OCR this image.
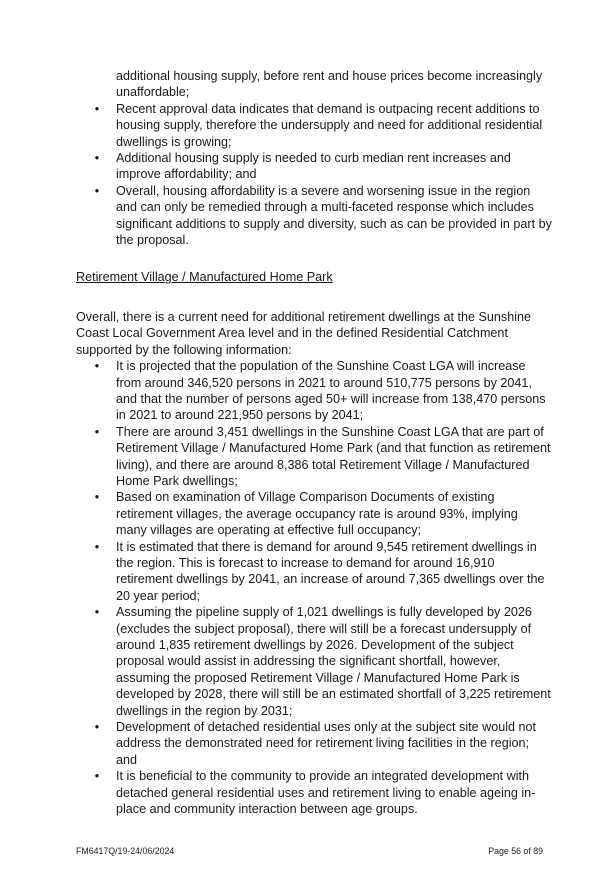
additional housing supply, before rent and house prices become increasingly unaffordable;

• Recent approval data indicates that demand is outpacing recent additions to housing supply, therefore the undersupply and need for additional residential dwellings is growing;
• Additional housing supply is needed to curb median rent increases and improve affordability; and
• Overall, housing affordability is a severe and worsening issue in the region and can only be remedied through a multi-faceted response which includes significant additions to supply and diversity, such as can be provided in part by the proposal.

Retirement Village / Manufactured Home Park

Overall, there is a current need for additional retirement dwellings at the Sunshine Coast Local Government Area level and in the defined Residential Catchment supported by the following information:

• It is projected that the population of the Sunshine Coast LGA will increase from around 346,520 persons in 2021 to around 510,775 persons by 2041, and that the number of persons aged 50+ will increase from 138,470 persons in 2021 to around 221,950 persons by 2041;
• There are around 3,451 dwellings in the Sunshine Coast LGA that are part of Retirement Village / Manufactured Home Park (and that function as retirement living), and there are around 8,386 total Retirement Village / Manufactured Home Park dwellings;
• Based on examination of Village Comparison Documents of existing retirement villages, the average occupancy rate is around 93%, implying many villages are operating at effective full occupancy;
• It is estimated that there is demand for around 9,545 retirement dwellings in the region. This is forecast to increase to demand for around 16,910 retirement dwellings by 2041, an increase of around 7,365 dwellings over the 20 year period;
• Assuming the pipeline supply of 1,021 dwellings is fully developed by 2026 (excludes the subject proposal), there will still be a forecast undersupply of around 1,835 retirement dwellings by 2026. Development of the subject proposal would assist in addressing the significant shortfall, however, assuming the proposed Retirement Village / Manufactured Home Park is developed by 2028, there will still be an estimated shortfall of 3,225 retirement dwellings in the region by 2031;
• Development of detached residential uses only at the subject site would not address the demonstrated need for retirement living facilities in the region; and
• It is beneficial to the community to provide an integrated development with detached general residential uses and retirement living to enable ageing in-place and community interaction between age groups.
FM6417Q/19-24/06/2024	Page 56 of 89
